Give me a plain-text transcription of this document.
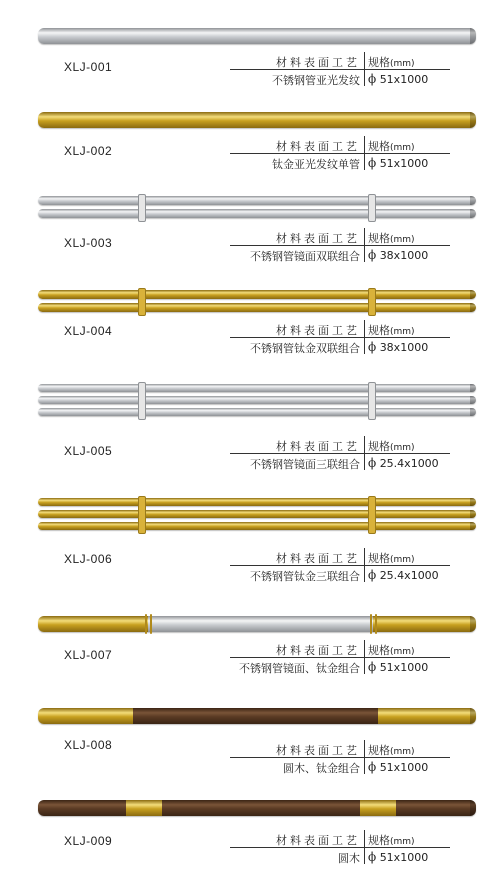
XLJ-001	材料表面工艺 规格(mm)
不锈钢管亚光发纹 ϕ 51x1000
XLJ-002	材料表面工艺 规格(mm)
钛金亚光发纹单管 ϕ 51x1000
XLJ-003	材料表面工艺 规格(mm)
不锈钢管镜面双联组合 ϕ 38x1000
XLJ-004	材料表面工艺 规格(mm)
不锈钢管钛金双联组合 ϕ 38x1000
XLJ-005	材料表面工艺 规格(mm)
不锈钢管镜面三联组合 ϕ 25.4x1000
XLJ-006	材料表面工艺 规格(mm)
不锈钢管钛金三联组合 ϕ 25.4x1000
XLJ-007	材料表面工艺 规格(mm)
不锈钢管镜面、钛金组合 ϕ 51x1000
XLJ-008	材料表面工艺 规格(mm)
圆木、钛金组合 ϕ 51x1000
XLJ-009	材料表面工艺 规格(mm)
圆木 ϕ 51x1000
